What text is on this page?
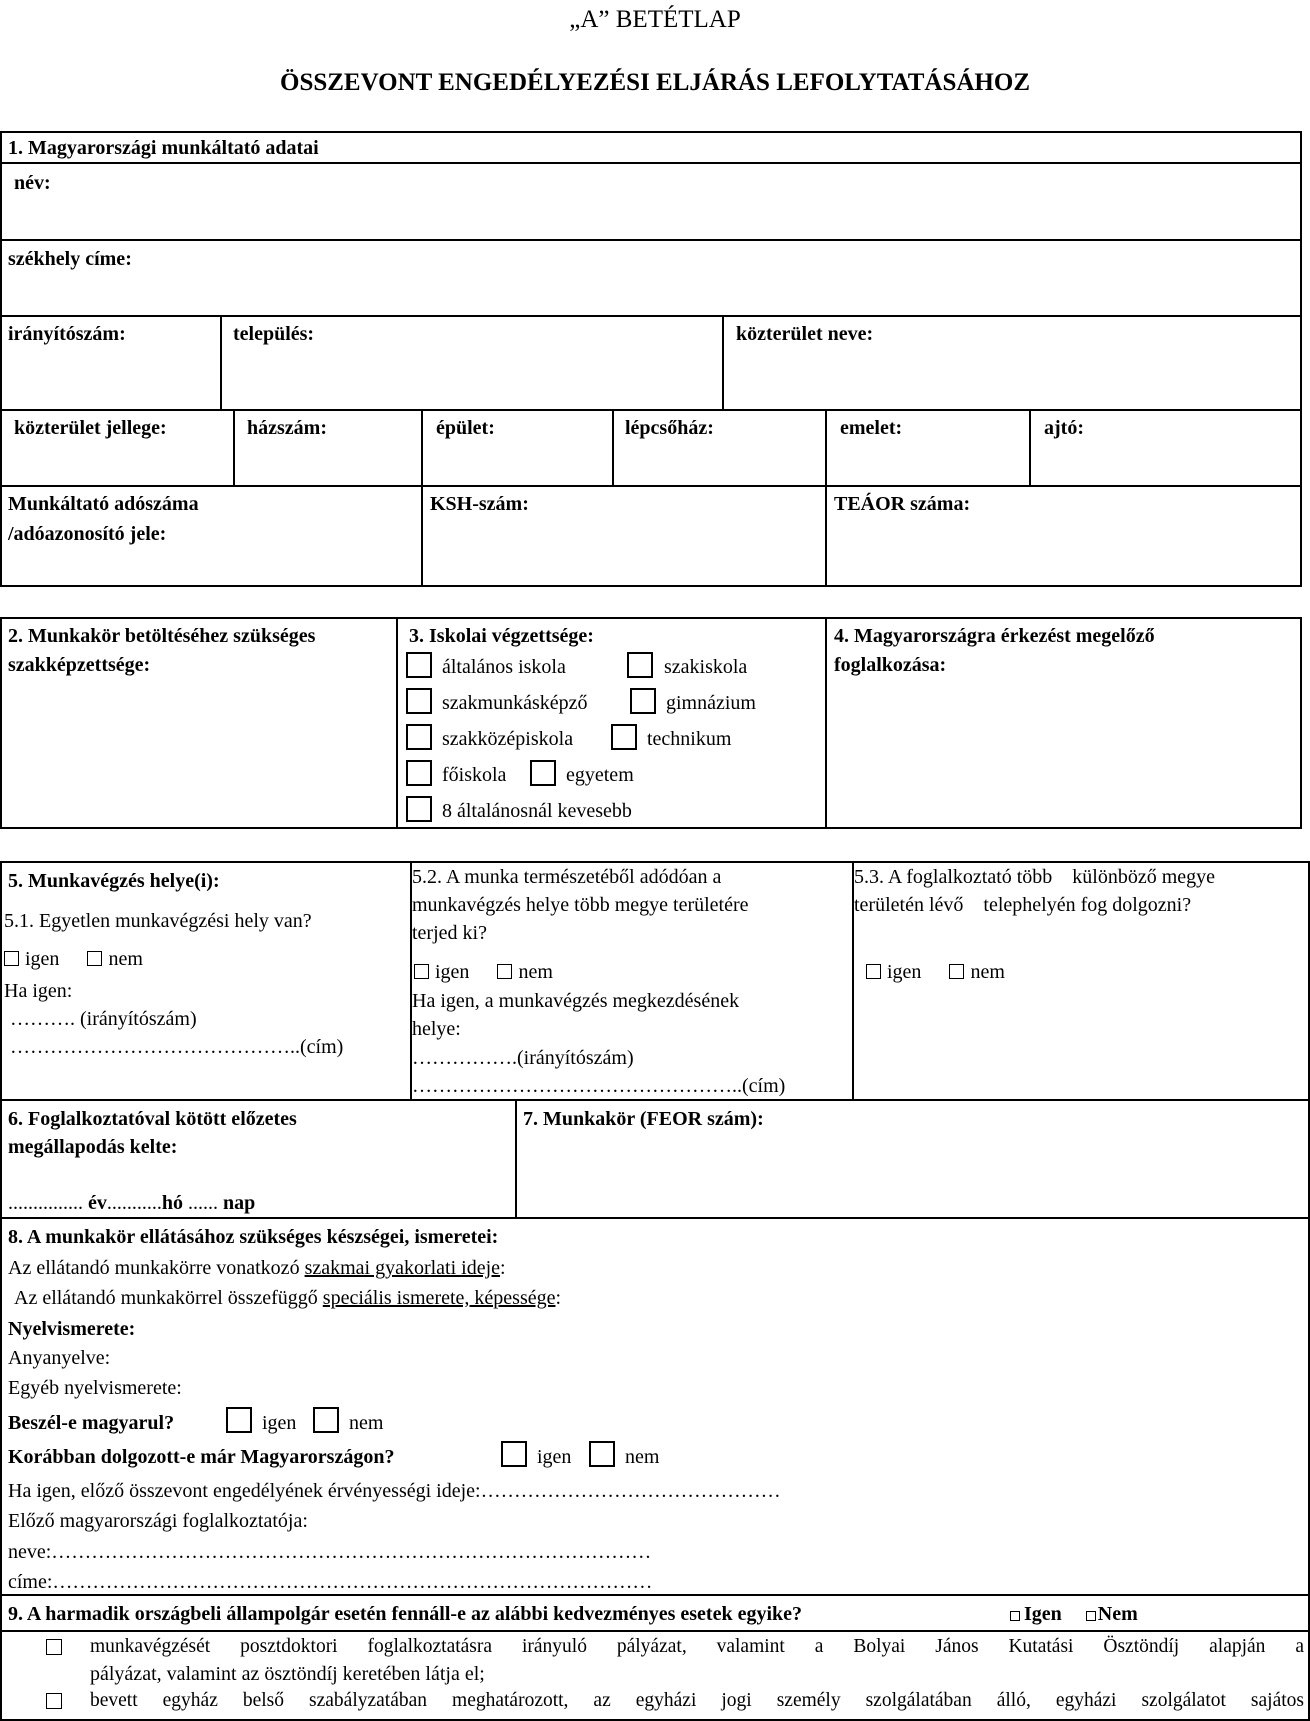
„A” BETÉTLAP
ÖSSZEVONT ENGEDÉLYEZÉSI ELJÁRÁS LEFOLYTATÁSÁHOZ
1. Magyarországi munkáltató adatai
név:
székhely címe:
irányítószám:	település:	közterület neve:
közterület jellege:	házszám:	épület:	lépcsőház:	emelet:	ajtó:
Munkáltató adószáma
/adóazonosító jele:
KSH-szám:	TEÁOR száma:
2. Munkakör betöltéséhez szükséges
szakképzettsége:
3. Iskolai végzettsége:
általános iskola	szakiskola
szakmunkásképző	gimnázium
szakközépiskola	technikum
főiskola	egyetem
8 általánosnál kevesebb
4. Magyarországra érkezést megelőző
foglalkozása:
5. Munkavégzés helye(i):
5.1. Egyetlen munkavégzési hely van?
igen nem
Ha igen:
………. (irányítószám)
……………………………………..(cím)
5.2. A munka természetéből adódóan a
munkavégzés helye több megye területére
terjed ki?
igen nem
Ha igen, a munkavégzés megkezdésének
helye:
…………….(irányítószám)
…………………………………………..(cím)
5.3. A foglalkoztató több    különböző megye
területén lévő    telephelyén fog dolgozni?
igen nem
6. Foglalkoztatóval kötött előzetes
megállapodás kelte:
............... év...........hó ...... nap
7. Munkakör (FEOR szám):
8. A munkakör ellátásához szükséges készségei, ismeretei:
Az ellátandó munkakörre vonatkozó szakmai gyakorlati ideje:
Az ellátandó munkakörrel összefüggő speciális ismerete, képessége:
Nyelvismerete:
Anyanyelve:
Egyéb nyelvismerete:
Beszél-e magyarul?	igen	nem
Korábban dolgozott-e már Magyarországon?	igen	nem
Ha igen, előző összevont engedélyének érvényességi ideje:………………………………………
Előző magyarországi foglalkoztatója:
neve:………………………………………………………………………………
címe:………………………………………………………………………………
9. A harmadik országbeli állampolgár esetén fennáll-e az alábbi kedvezményes esetek egyike?	Igen Nem
munkavégzését posztdoktori foglalkoztatásra irányuló pályázat, valamint a Bolyai János Kutatási Ösztöndíj alapján a
pályázat, valamint az ösztöndíj keretében látja el;
bevett egyház belső szabályzatában meghatározott, az egyházi jogi személy szolgálatában álló, egyházi szolgálatot sajátos
